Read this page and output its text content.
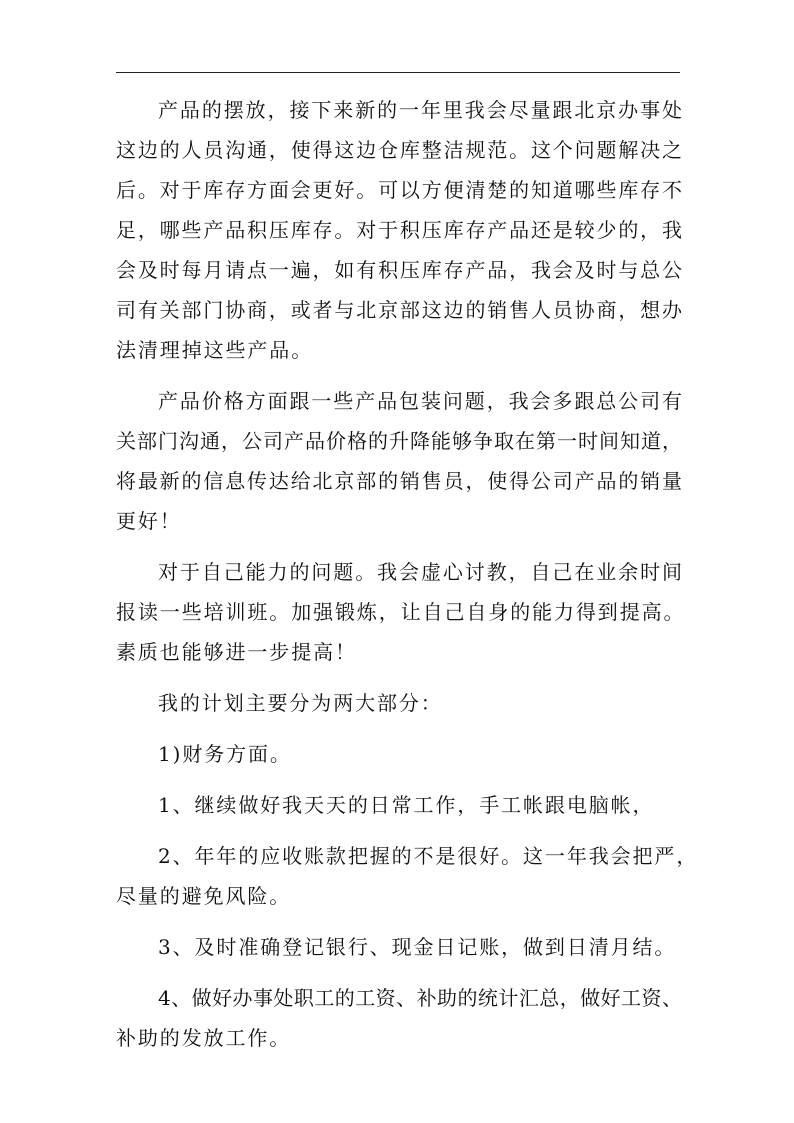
产品的摆放，接下来新的一年里我会尽量跟北京办事处
这边的人员沟通，使得这边仓库整洁规范。这个问题解决之
后。对于库存方面会更好。可以方便清楚的知道哪些库存不
足，哪些产品积压库存。对于积压库存产品还是较少的，我
会及时每月请点一遍，如有积压库存产品，我会及时与总公
司有关部门协商，或者与北京部这边的销售人员协商，想办
法清理掉这些产品。
产品价格方面跟一些产品包装问题，我会多跟总公司有
关部门沟通，公司产品价格的升降能够争取在第一时间知道，
将最新的信息传达给北京部的销售员，使得公司产品的销量
更好！
对于自己能力的问题。我会虚心讨教，自己在业余时间
报读一些培训班。加强锻炼，让自己自身的能力得到提高。
素质也能够进一步提高！
我的计划主要分为两大部分：
1)财务方面。
1、继续做好我天天的日常工作，手工帐跟电脑帐，
2、年年的应收账款把握的不是很好。这一年我会把严，
尽量的避免风险。
3、及时准确登记银行、现金日记账，做到日清月结。
4、做好办事处职工的工资、补助的统计汇总，做好工资、
补助的发放工作。
